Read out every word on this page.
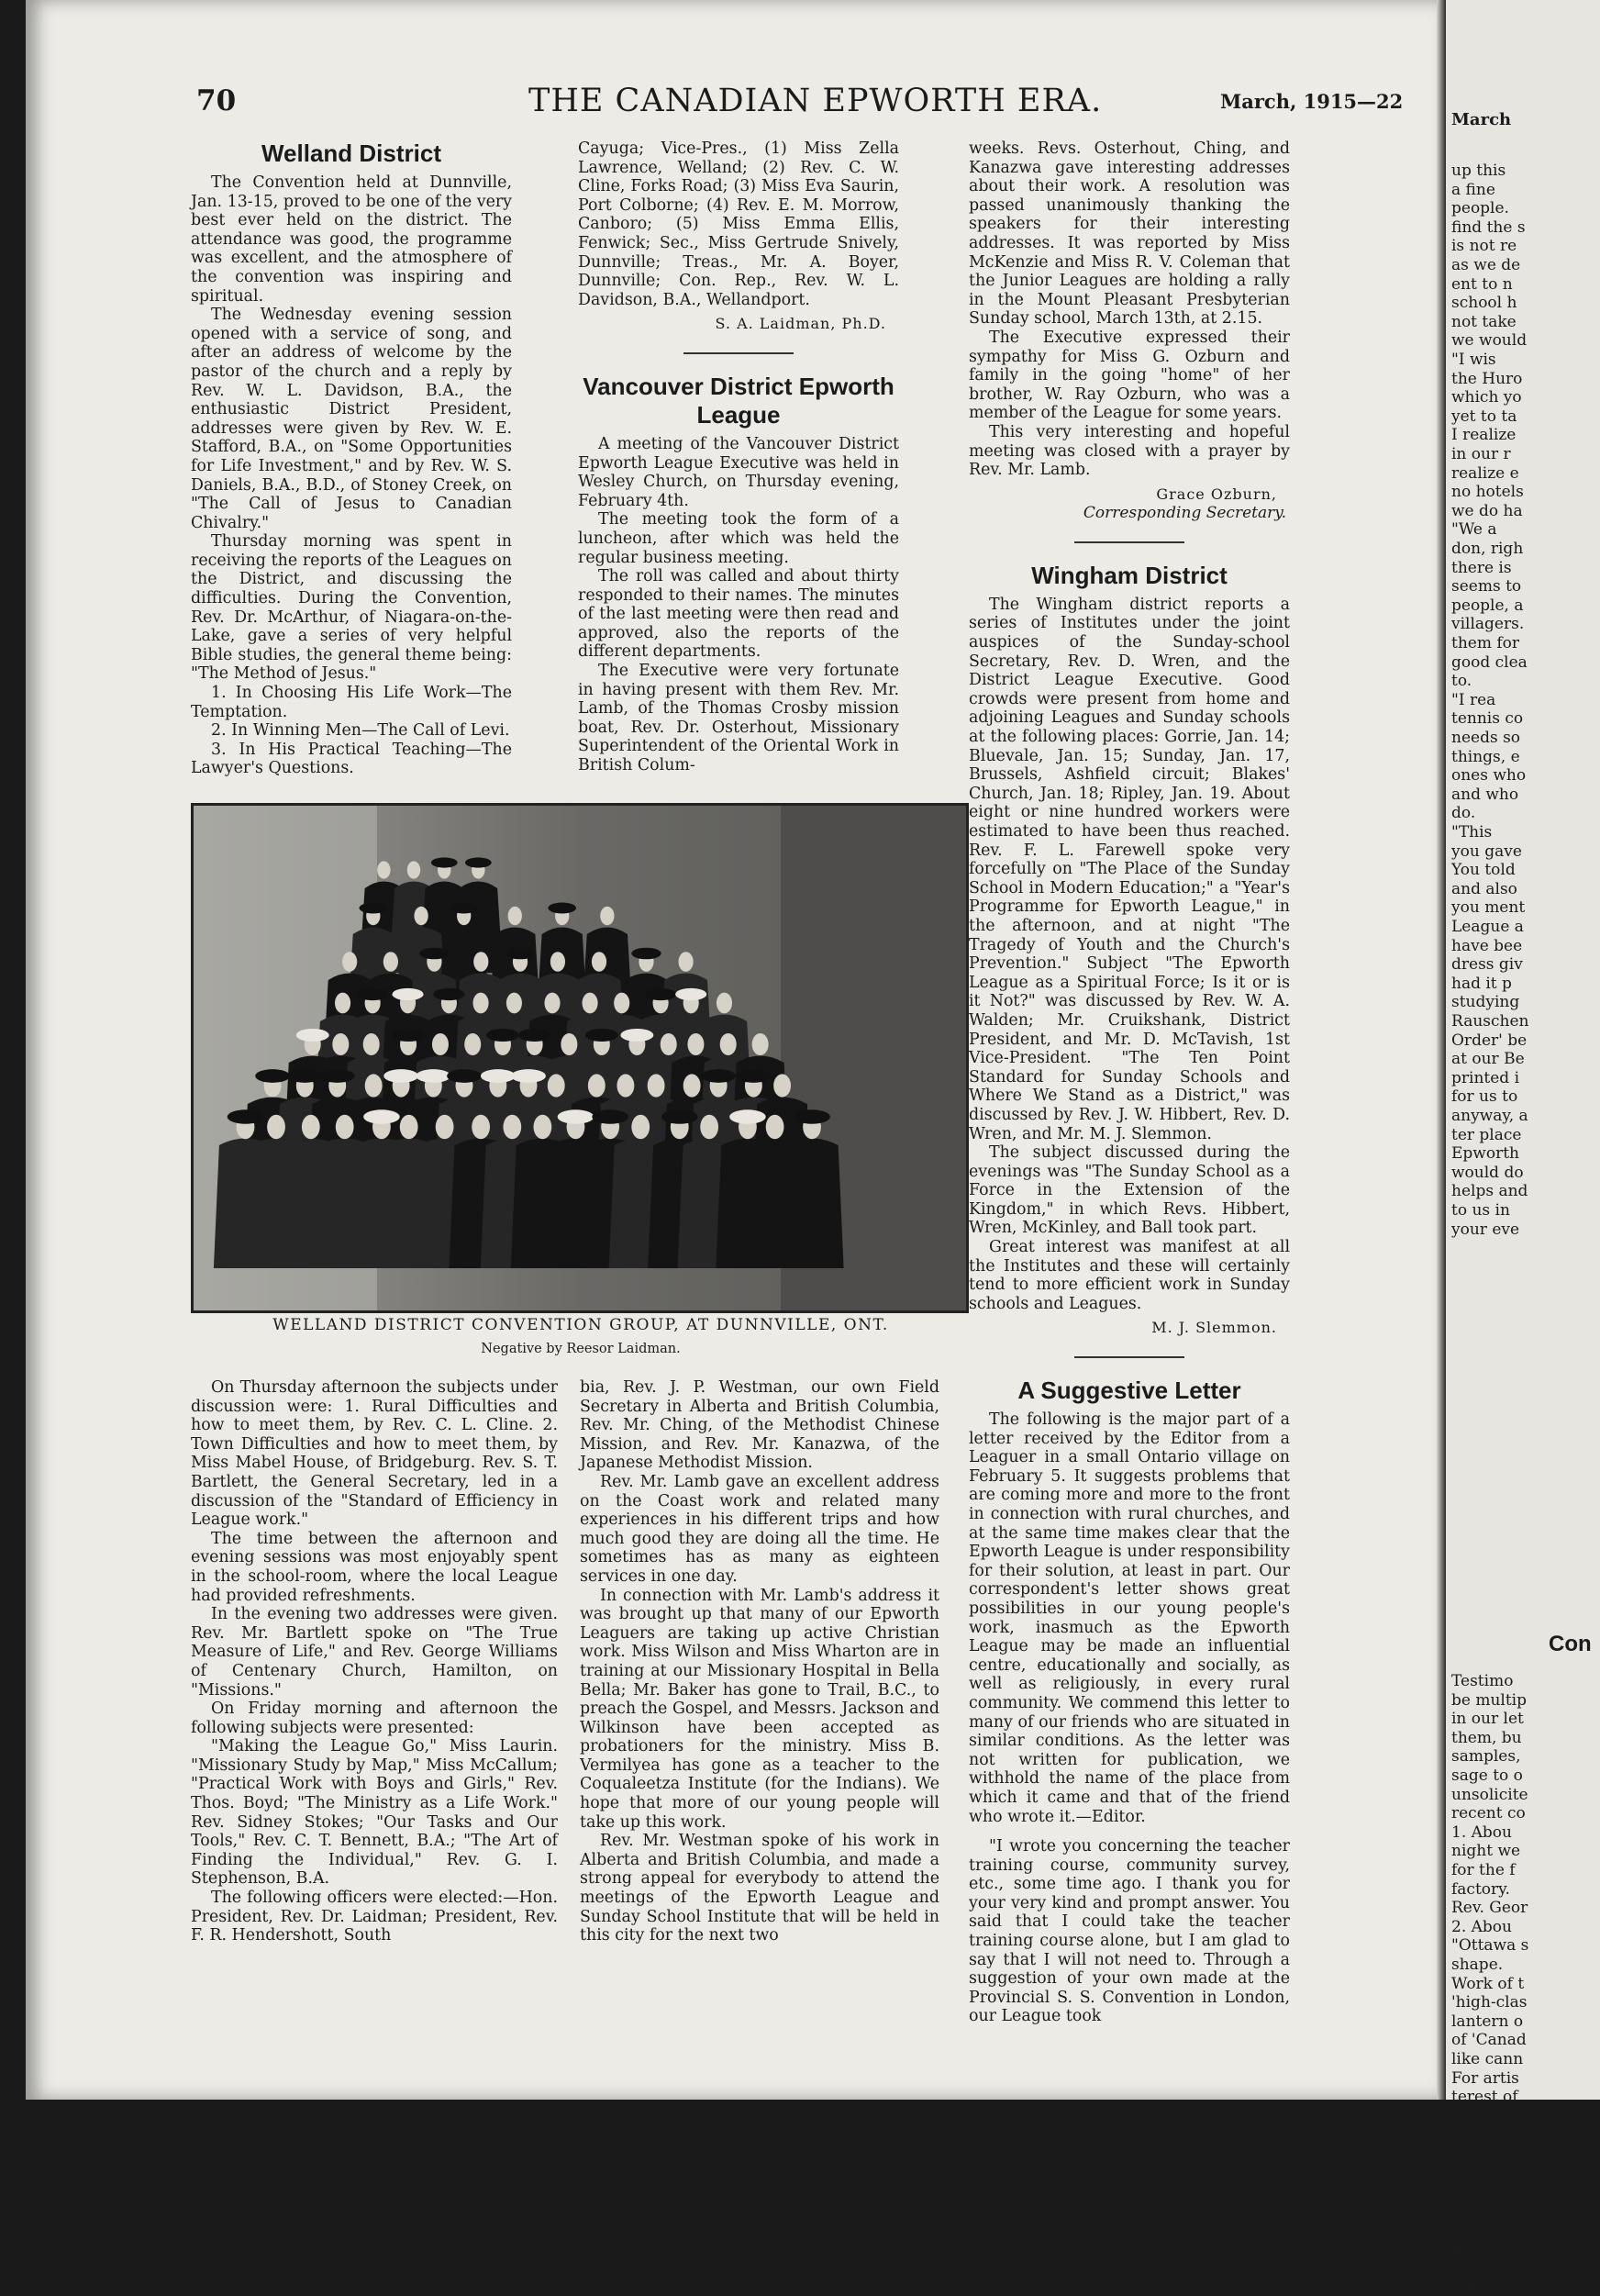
70	THE CANADIAN EPWORTH ERA.	March, 1915—22
Welland District

The Convention held at Dunnville, Jan. 13-15, proved to be one of the very best ever held on the district. The attendance was good, the programme was excellent, and the atmosphere of the convention was inspiring and spiritual.

The Wednesday evening session opened with a service of song, and after an address of welcome by the pastor of the church and a reply by Rev. W. L. Davidson, B.A., the enthusiastic District President, addresses were given by Rev. W. E. Stafford, B.A., on "Some Opportunities for Life Investment," and by Rev. W. S. Daniels, B.A., B.D., of Stoney Creek, on "The Call of Jesus to Canadian Chivalry."

Thursday morning was spent in receiving the reports of the Leagues on the District, and discussing the difficulties. During the Convention, Rev. Dr. McArthur, of Niagara-on-the-Lake, gave a series of very helpful Bible studies, the general theme being: "The Method of Jesus."

1. In Choosing His Life Work—The Temptation.

2. In Winning Men—The Call of Levi.

3. In His Practical Teaching—The Lawyer's Questions.

Cayuga; Vice-Pres., (1) Miss Zella Lawrence, Welland; (2) Rev. C. W. Cline, Forks Road; (3) Miss Eva Saurin, Port Colborne; (4) Rev. E. M. Morrow, Canboro; (5) Miss Emma Ellis, Fenwick; Sec., Miss Gertrude Snively, Dunnville; Treas., Mr. A. Boyer, Dunnville; Con. Rep., Rev. W. L. Davidson, B.A., Wellandport.

S. A. Laidman, Ph.D.
Vancouver District Epworth League

A meeting of the Vancouver District Epworth League Executive was held in Wesley Church, on Thursday evening, February 4th.

The meeting took the form of a luncheon, after which was held the regular business meeting.

The roll was called and about thirty responded to their names. The minutes of the last meeting were then read and approved, also the reports of the different departments.

The Executive were very fortunate in having present with them Rev. Mr. Lamb, of the Thomas Crosby mission boat, Rev. Dr. Osterhout, Missionary Superintendent of the Oriental Work in British Colum-

weeks. Revs. Osterhout, Ching, and Kanazwa gave interesting addresses about their work. A resolution was passed unanimously thanking the speakers for their interesting addresses. It was reported by Miss McKenzie and Miss R. V. Coleman that the Junior Leagues are holding a rally in the Mount Pleasant Presbyterian Sunday school, March 13th, at 2.15.

The Executive expressed their sympathy for Miss G. Ozburn and family in the going "home" of her brother, W. Ray Ozburn, who was a member of the League for some years.

This very interesting and hopeful meeting was closed with a prayer by Rev. Mr. Lamb.

Grace Ozburn,
Corresponding Secretary.
Wingham District

The Wingham district reports a series of Institutes under the joint auspices of the Sunday-school Secretary, Rev. D. Wren, and the District League Executive. Good crowds were present from home and adjoining Leagues and Sunday schools at the following places: Gorrie, Jan. 14; Bluevale, Jan. 15; Sunday, Jan. 17, Brussels, Ashfield circuit; Blakes' Church, Jan. 18; Ripley, Jan. 19. About eight or nine hundred workers were estimated to have been thus reached. Rev. F. L. Farewell spoke very forcefully on "The Place of the Sunday School in Modern Education;" a "Year's Programme for Epworth League," in the afternoon, and at night "The Tragedy of Youth and the Church's Prevention." Subject "The Epworth League as a Spiritual Force; Is it or is it Not?" was discussed by Rev. W. A. Walden; Mr. Cruikshank, District President, and Mr. D. McTavish, 1st Vice-President. "The Ten Point Standard for Sunday Schools and Where We Stand as a District," was discussed by Rev. J. W. Hibbert, Rev. D. Wren, and Mr. M. J. Slemmon.

The subject discussed during the evenings was "The Sunday School as a Force in the Extension of the Kingdom," in which Revs. Hibbert, Wren, McKinley, and Ball took part.

Great interest was manifest at all the Institutes and these will certainly tend to more efficient work in Sunday schools and Leagues.

M. J. Slemmon.
A Suggestive Letter

The following is the major part of a letter received by the Editor from a Leaguer in a small Ontario village on February 5. It suggests problems that are coming more and more to the front in connection with rural churches, and at the same time makes clear that the Epworth League is under responsibility for their solution, at least in part. Our correspondent's letter shows great possibilities in our young people's work, inasmuch as the Epworth League may be made an influential centre, educationally and socially, as well as religiously, in every rural community. We commend this letter to many of our friends who are situated in similar conditions. As the letter was not written for publication, we withhold the name of the place from which it came and that of the friend who wrote it.—Editor.

"I wrote you concerning the teacher training course, community survey, etc., some time ago. I thank you for your very kind and prompt answer. You said that I could take the teacher training course alone, but I am glad to say that I will not need to. Through a suggestion of your own made at the Provincial S. S. Convention in London, our League took

WELLAND DISTRICT CONVENTION GROUP, AT DUNNVILLE, ONT.
Negative by Reesor Laidman.

On Thursday afternoon the subjects under discussion were: 1. Rural Difficulties and how to meet them, by Rev. C. L. Cline. 2. Town Difficulties and how to meet them, by Miss Mabel House, of Bridgeburg. Rev. S. T. Bartlett, the General Secretary, led in a discussion of the "Standard of Efficiency in League work."

The time between the afternoon and evening sessions was most enjoyably spent in the school-room, where the local League had provided refreshments.

In the evening two addresses were given. Rev. Mr. Bartlett spoke on "The True Measure of Life," and Rev. George Williams of Centenary Church, Hamilton, on "Missions."

On Friday morning and afternoon the following subjects were presented:

"Making the League Go," Miss Laurin. "Missionary Study by Map," Miss McCallum; "Practical Work with Boys and Girls," Rev. Thos. Boyd; "The Ministry as a Life Work." Rev. Sidney Stokes; "Our Tasks and Our Tools," Rev. C. T. Bennett, B.A.; "The Art of Finding the Individual," Rev. G. I. Stephenson, B.A.

The following officers were elected:—Hon. President, Rev. Dr. Laidman; President, Rev. F. R. Hendershott, South

bia, Rev. J. P. Westman, our own Field Secretary in Alberta and British Columbia, Rev. Mr. Ching, of the Methodist Chinese Mission, and Rev. Mr. Kanazwa, of the Japanese Methodist Mission.

Rev. Mr. Lamb gave an excellent address on the Coast work and related many experiences in his different trips and how much good they are doing all the time. He sometimes has as many as eighteen services in one day.

In connection with Mr. Lamb's address it was brought up that many of our Epworth Leaguers are taking up active Christian work. Miss Wilson and Miss Wharton are in training at our Missionary Hospital in Bella Bella; Mr. Baker has gone to Trail, B.C., to preach the Gospel, and Messrs. Jackson and Wilkinson have been accepted as probationers for the ministry. Miss B. Vermilyea has gone as a teacher to the Coqualeetza Institute (for the Indians). We hope that more of our young people will take up this work.

Rev. Mr. Westman spoke of his work in Alberta and British Columbia, and made a strong appeal for everybody to attend the meetings of the Epworth League and Sunday School Institute that will be held in this city for the next two

March
up this
a fine
people.
find the s
is not re
as we de
ent to n
school h
not take
we would
"I wis
the Huro
which yo
yet to ta
I realize
in our r
realize e
no hotels
we do ha
"We a
don, righ
there is
seems to
people, a
villagers.
them for
good clea
to.
"I rea
tennis co
needs so
things, e
ones who
and who
do.
"This
you gave
You told
and also
you ment
League a
have bee
dress giv
had it p
studying
Rauschen
Order' be
at our Be
printed i
for us to
anyway, a
ter place
Epworth
would do
helps and
to us in
your eve
Con
Testimo
be multip
in our let
them, bu
samples,
sage to o
unsolicite
recent co
1. Abou
night we
for the f
factory.
Rev. Geor
2. Abou
"Ottawa s
shape.
Work of t
'high-clas
lantern o
of 'Canad
like cann
For artis
terest of
absolutely
Arden, Ma
3. Abou
tertainme
educative,
excellency
Butler, Ca
If you w
our printe
Bartlett,
